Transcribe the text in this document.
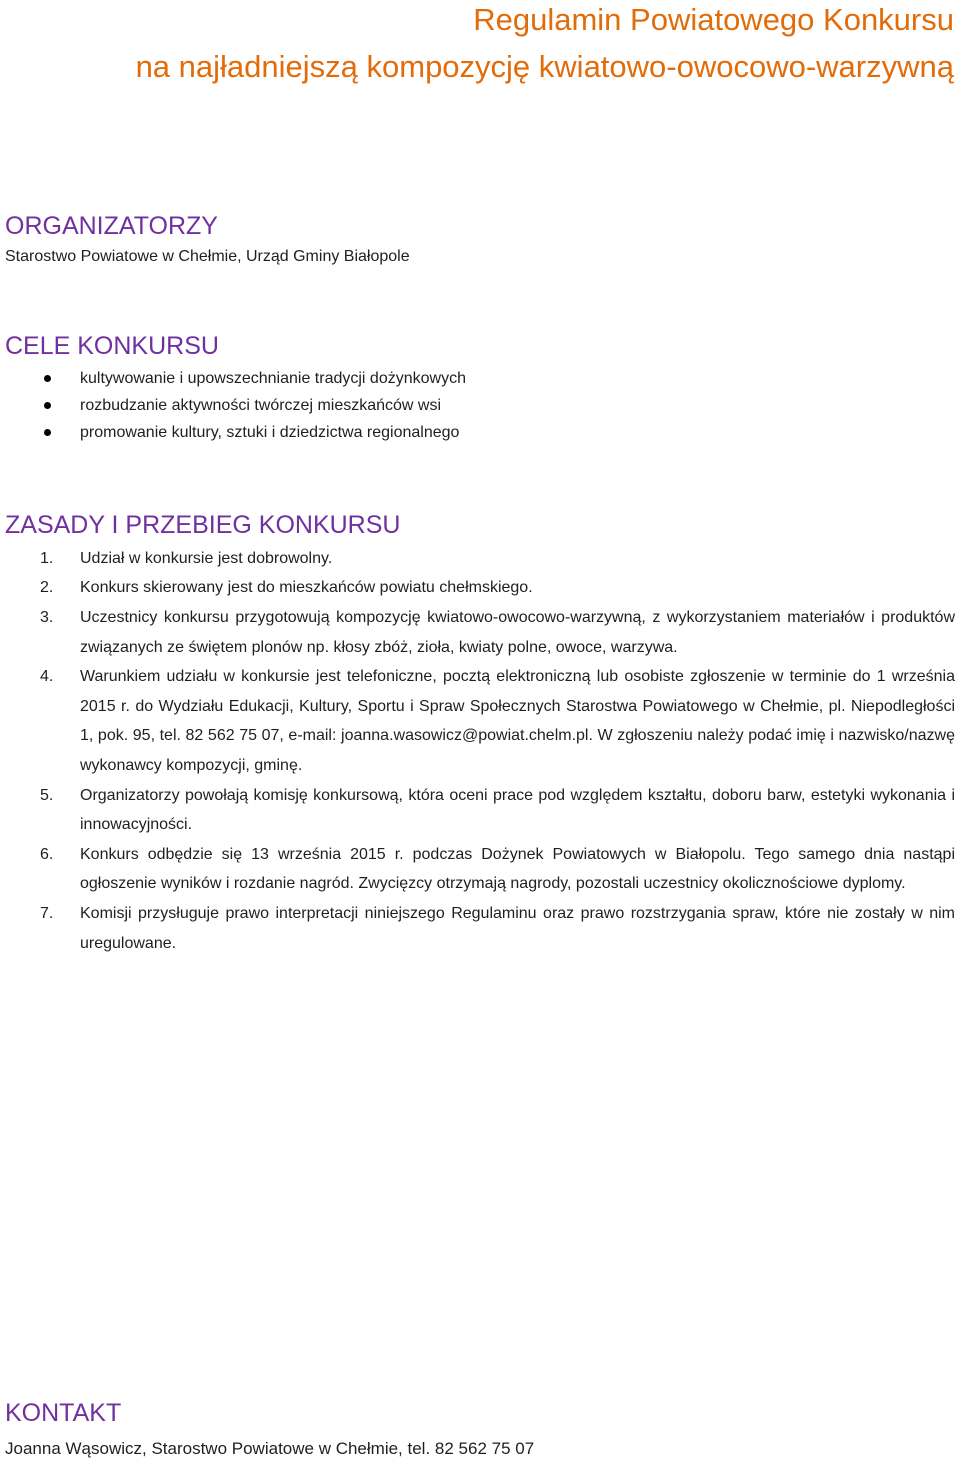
Regulamin Powiatowego Konkursu
na najładniejszą kompozycję kwiatowo-owocowo-warzywną
ORGANIZATORZY
Starostwo Powiatowe w Chełmie, Urząd Gminy Białopole
CELE KONKURSU
kultywowanie i upowszechnianie tradycji dożynkowych
rozbudzanie aktywności twórczej mieszkańców wsi
promowanie kultury, sztuki i dziedzictwa regionalnego
ZASADY I PRZEBIEG KONKURSU
1. Udział w konkursie jest dobrowolny.
2. Konkurs skierowany jest do mieszkańców powiatu chełmskiego.
3. Uczestnicy konkursu przygotowują kompozycję kwiatowo-owocowo-warzywną, z wykorzystaniem materiałów i produktów związanych ze świętem plonów np. kłosy zbóż, zioła, kwiaty polne, owoce, warzywa.
4. Warunkiem udziału w konkursie jest telefoniczne, pocztą elektroniczną lub osobiste zgłoszenie w terminie do 1 września 2015 r. do Wydziału Edukacji, Kultury, Sportu i Spraw Społecznych Starostwa Powiatowego w Chełmie, pl. Niepodległości 1, pok. 95, tel. 82 562 75 07, e-mail: joanna.wasowicz@powiat.chelm.pl. W zgłoszeniu należy podać imię i nazwisko/nazwę wykonawcy kompozycji, gminę.
5. Organizatorzy powołają komisję konkursową, która oceni prace pod względem kształtu, doboru barw, estetyki wykonania i innowacyjności.
6. Konkurs odbędzie się 13 września 2015 r. podczas Dożynek Powiatowych w Białopolu. Tego samego dnia nastąpi ogłoszenie wyników i rozdanie nagród. Zwycięzcy otrzymają nagrody, pozostali uczestnicy okolicznościowe dyplomy.
7. Komisji przysługuje prawo interpretacji niniejszego Regulaminu oraz prawo rozstrzygania spraw, które nie zostały w nim uregulowane.
KONTAKT
Joanna Wąsowicz, Starostwo Powiatowe w Chełmie, tel. 82 562 75 07
